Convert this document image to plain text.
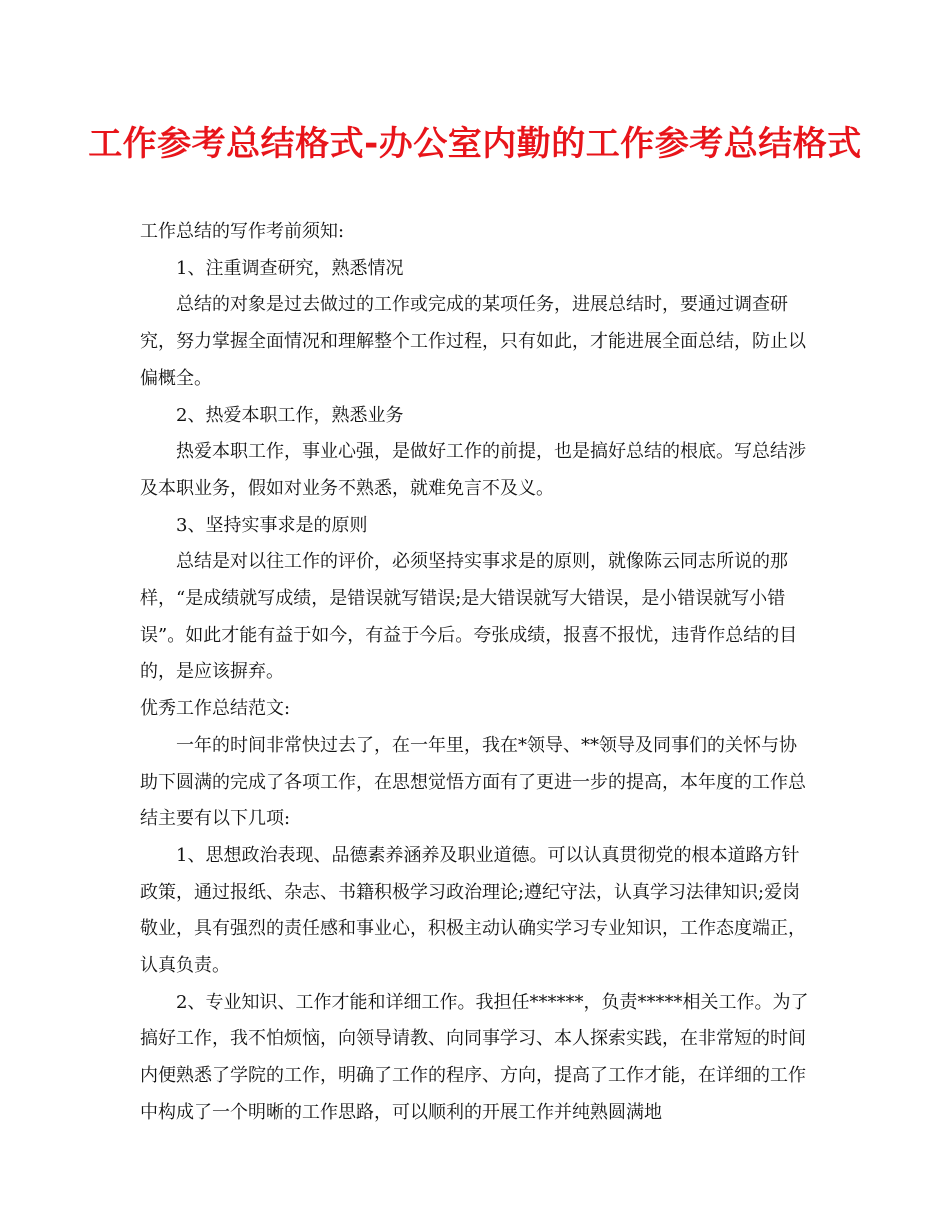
工作参考总结格式-办公室内勤的工作参考总结格式

工作总结的写作考前须知:

1、注重调查研究，熟悉情况

总结的对象是过去做过的工作或完成的某项任务，进展总结时，要通过调查研究，努力掌握全面情况和理解整个工作过程，只有如此，才能进展全面总结，防止以偏概全。

2、热爱本职工作，熟悉业务

热爱本职工作，事业心强，是做好工作的前提，也是搞好总结的根底。写总结涉及本职业务，假如对业务不熟悉，就难免言不及义。

3、坚持实事求是的原则

总结是对以往工作的评价，必须坚持实事求是的原则，就像陈云同志所说的那样，“是成绩就写成绩，是错误就写错误;是大错误就写大错误，是小错误就写小错误”。如此才能有益于如今，有益于今后。夸张成绩，报喜不报忧，违背作总结的目的，是应该摒弃。

优秀工作总结范文:

一年的时间非常快过去了，在一年里，我在*领导、**领导及同事们的关怀与协助下圆满的完成了各项工作，在思想觉悟方面有了更进一步的提高，本年度的工作总结主要有以下几项:

1、思想政治表现、品德素养涵养及职业道德。可以认真贯彻党的根本道路方针政策，通过报纸、杂志、书籍积极学习政治理论;遵纪守法，认真学习法律知识;爱岗敬业，具有强烈的责任感和事业心，积极主动认确实学习专业知识，工作态度端正，认真负责。

2、专业知识、工作才能和详细工作。我担任******，负责*****相关工作。为了搞好工作，我不怕烦恼，向领导请教、向同事学习、本人探索实践，在非常短的时间内便熟悉了学院的工作，明确了工作的程序、方向，提高了工作才能，在详细的工作中构成了一个明晰的工作思路，可以顺利的开展工作并纯熟圆满地
